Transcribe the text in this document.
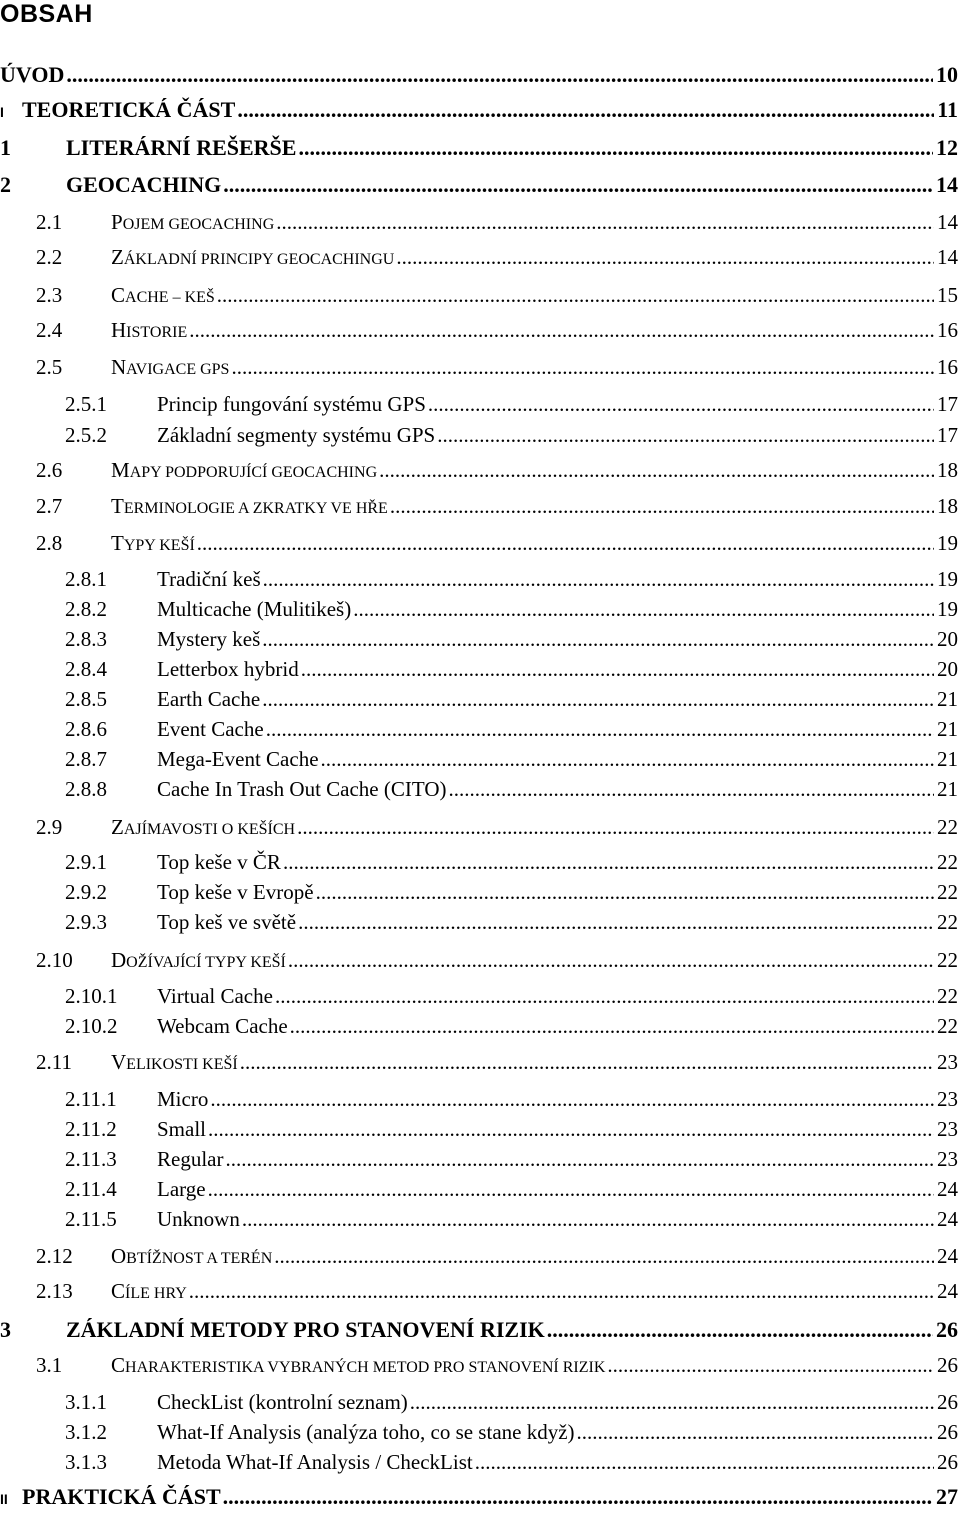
OBSAH
ÚVOD .....	10
I TEORETICKÁ ČÁST .....	11
1	LITERÁRNÍ REŠERŠE .....	12
2	GEOCACHING .....	14
2.1	POJEM GEOCACHING .....	14
2.2	ZÁKLADNÍ PRINCIPY GEOCACHINGU .....	14
2.3	CACHE – KEŠ .....	15
2.4	HISTORIE .....	16
2.5	NAVIGACE GPS .....	16
2.5.1	Princip fungování systému GPS .....	17
2.5.2	Základní segmenty systému GPS .....	17
2.6	MAPY PODPORUJÍCÍ GEOCACHING .....	18
2.7	TERMINOLOGIE A ZKRATKY VE HŘE .....	18
2.8	TYPY KEŠÍ .....	19
2.8.1	Tradiční keš .....	19
2.8.2	Multicache (Mulitikeš) .....	19
2.8.3	Mystery keš .....	20
2.8.4	Letterbox hybrid .....	20
2.8.5	Earth Cache .....	21
2.8.6	Event Cache .....	21
2.8.7	Mega-Event Cache .....	21
2.8.8	Cache In Trash Out Cache (CITO) .....	21
2.9	ZAJÍMAVOSTI O KEŠÍCH .....	22
2.9.1	Top keše v ČR .....	22
2.9.2	Top keše v Evropě .....	22
2.9.3	Top keš ve světě .....	22
2.10	DOŽÍVAJÍCÍ TYPY KEŠÍ .....	22
2.10.1	Virtual Cache .....	22
2.10.2	Webcam Cache .....	22
2.11	VELIKOSTI KEŠÍ .....	23
2.11.1	Micro .....	23
2.11.2	Small .....	23
2.11.3	Regular .....	23
2.11.4	Large .....	24
2.11.5	Unknown .....	24
2.12	OBTÍŽNOST A TERÉN .....	24
2.13	CÍLE HRY .....	24
3	ZÁKLADNÍ METODY PRO STANOVENÍ RIZIK .....	26
3.1	CHARAKTERISTIKA VYBRANÝCH METOD PRO STANOVENÍ RIZIK .....	26
3.1.1	CheckList (kontrolní seznam) .....	26
3.1.2	What-If Analysis (analýza toho, co se stane když) .....	26
3.1.3	Metoda What-If Analysis / CheckList .....	26
II PRAKTICKÁ ČÁST .....	27
